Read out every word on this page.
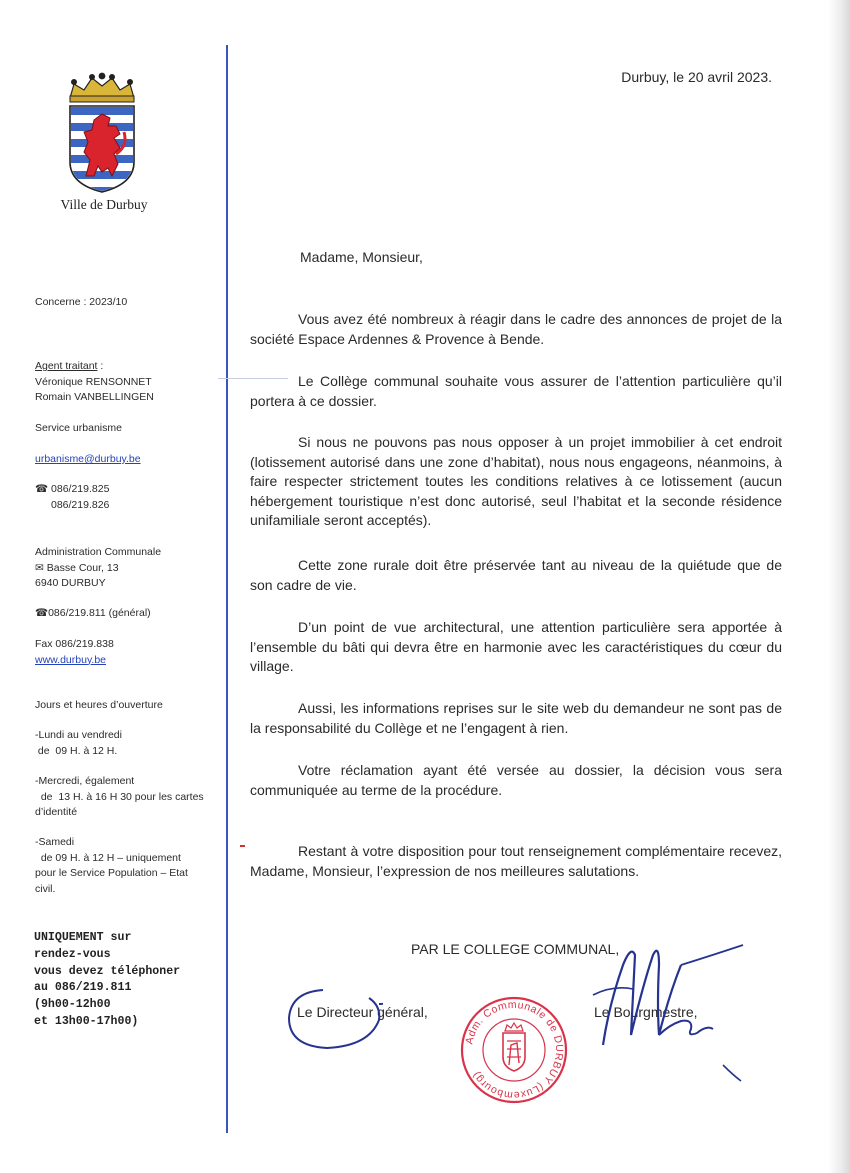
Ville de Durbuy
Concerne : 2023/10
Agent traitant :
Véronique RENSONNET
Romain VANBELLINGEN
Service urbanisme
urbanisme@durbuy.be
☎ 086/219.825
086/219.826
Administration Communale
✉ Basse Cour, 13
6940 DURBUY
☎086/219.811 (général)
Fax 086/219.838
www.durbuy.be
Jours et heures d’ouverture
-Lundi au vendredi
de  09 H. à 12 H.
-Mercredi, également
de  13 H. à 16 H 30 pour les cartes
d’identité
-Samedi
de 09 H. à 12 H – uniquement
pour le Service Population – Etat
civil.
UNIQUEMENT sur
rendez-vous
vous devez téléphoner
au 086/219.811
(9h00-12h00
et 13h00-17h00)
Durbuy, le 20 avril 2023.
Madame, Monsieur,

Vous avez été nombreux à réagir dans le cadre des annonces de projet de la société Espace Ardennes & Provence à Bende.

Le Collège communal souhaite vous assurer de l’attention particulière qu’il portera à ce dossier.

Si nous ne pouvons pas nous opposer à un projet immobilier à cet endroit (lotissement autorisé dans une zone d’habitat), nous nous engageons, néanmoins, à faire respecter strictement toutes les conditions relatives à ce lotissement (aucun hébergement touristique n’est donc autorisé, seul l’habitat et la seconde résidence unifamiliale seront acceptés).

Cette zone rurale doit être préservée tant au niveau de la quiétude que de son cadre de vie.

D’un point de vue architectural, une attention particulière sera apportée à l’ensemble du bâti qui devra être en harmonie avec les caractéristiques du cœur du village.

Aussi, les informations reprises sur le site web du demandeur ne sont pas de la responsabilité du Collège et ne l’engagent à rien.

Votre réclamation ayant été versée au dossier, la décision vous sera communiquée au terme de la procédure.

Restant à votre disposition pour tout renseignement complémentaire recevez, Madame, Monsieur, l’expression de nos meilleures salutations.

PAR LE COLLEGE COMMUNAL,
Le Directeur général,	Le Bourgmestre,
Adm. Communale de DURBUY (Luxembourg)
